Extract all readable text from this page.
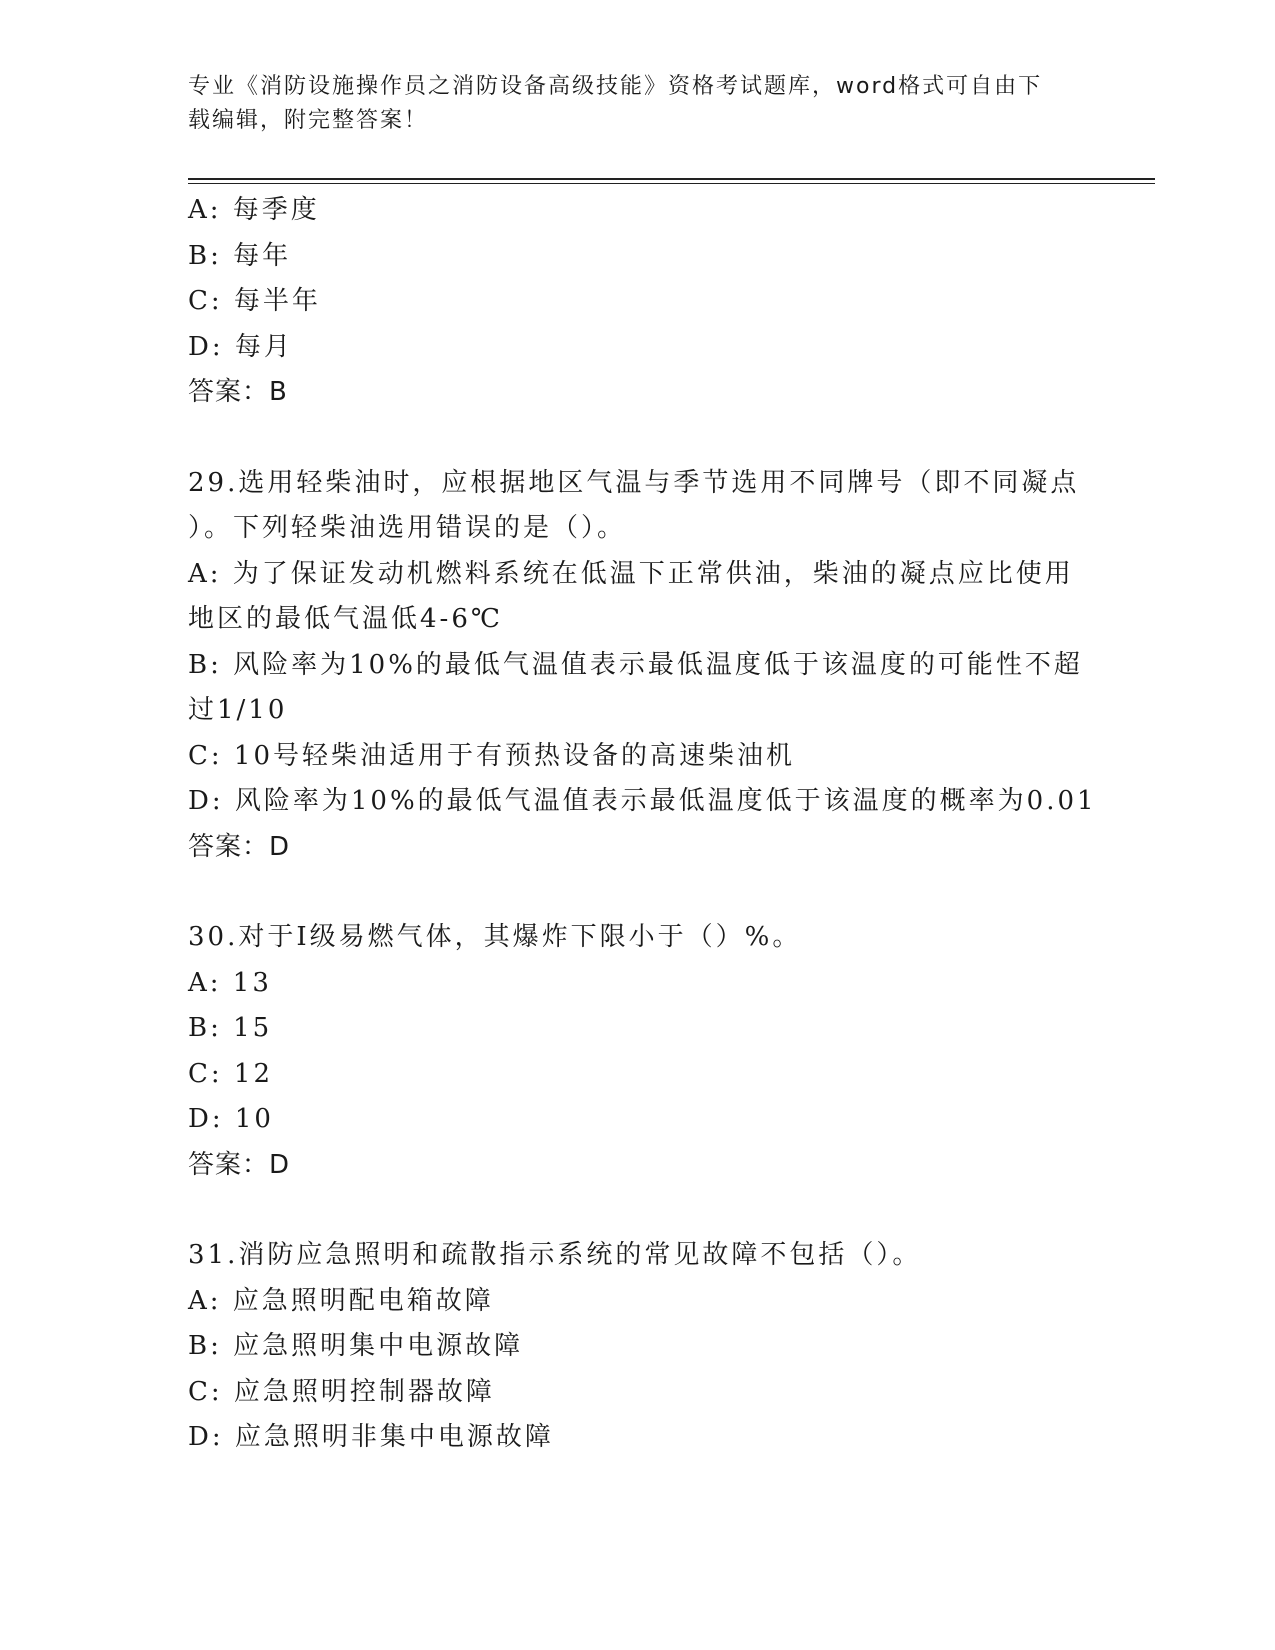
专业《消防设施操作员之消防设备高级技能》资格考试题库，word格式可自由下
载编辑，附完整答案！
A: 每季度
B: 每年
C: 每半年
D: 每月
答案：B
29.选用轻柴油时，应根据地区气温与季节选用不同牌号（即不同凝点
）。下列轻柴油选用错误的是（）。
A: 为了保证发动机燃料系统在低温下正常供油，柴油的凝点应比使用
地区的最低气温低4-6℃
B: 风险率为10%的最低气温值表示最低温度低于该温度的可能性不超
过1/10
C: 10号轻柴油适用于有预热设备的高速柴油机
D: 风险率为10%的最低气温值表示最低温度低于该温度的概率为0.01
答案：D
30.对于Ⅰ级易燃气体，其爆炸下限小于（）%。
A: 13
B: 15
C: 12
D: 10
答案：D
31.消防应急照明和疏散指示系统的常见故障不包括（）。
A: 应急照明配电箱故障
B: 应急照明集中电源故障
C: 应急照明控制器故障
D: 应急照明非集中电源故障
